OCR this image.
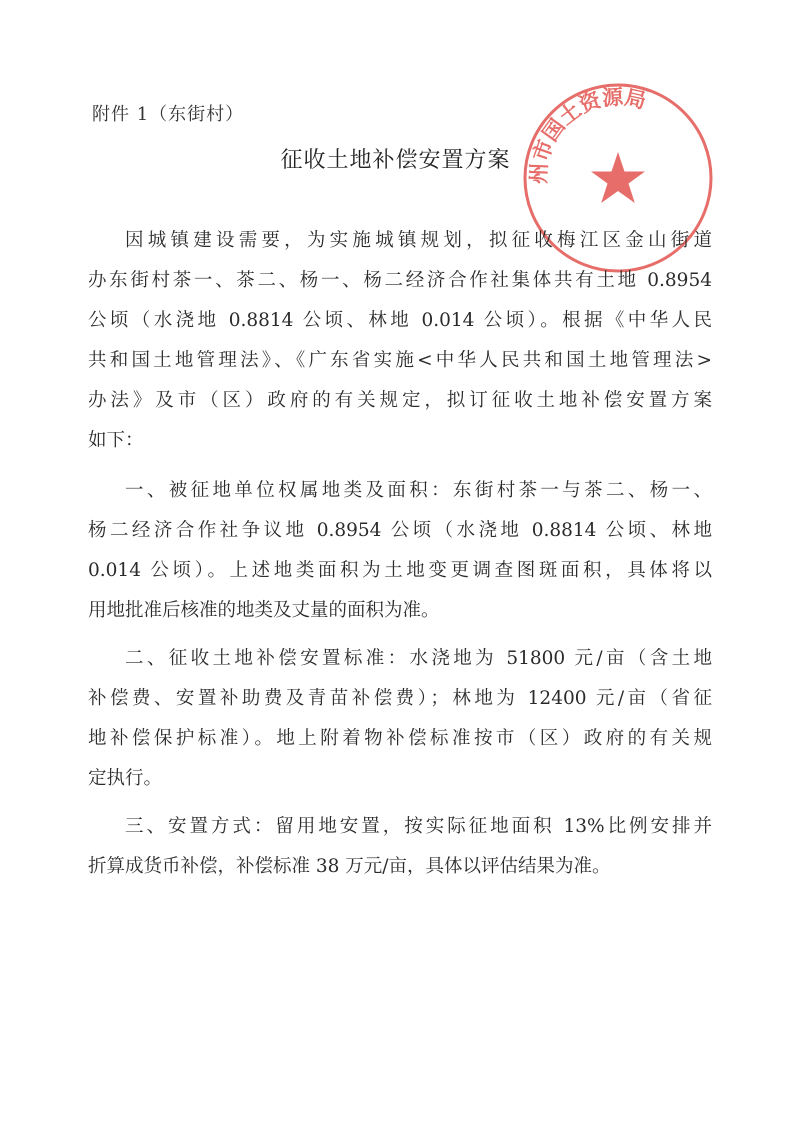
附件 1（东街村）
州市国土资源局
征收土地补偿安置方案
因城镇建设需要，为实施城镇规划，拟征收梅江区金山街道
办东街村茶一、茶二、杨一、杨二经济合作社集体共有土地 0.8954
公顷（水浇地 0.8814 公顷、林地 0.014 公顷）。根据《中华人民
共和国土地管理法》、《广东省实施<中华人民共和国土地管理法>
办法》及市（区）政府的有关规定，拟订征收土地补偿安置方案
如下：
一、被征地单位权属地类及面积：东街村茶一与茶二、杨一、
杨二经济合作社争议地 0.8954 公顷（水浇地 0.8814 公顷、林地
0.014 公顷）。上述地类面积为土地变更调查图斑面积，具体将以
用地批准后核准的地类及丈量的面积为准。
二、征收土地补偿安置标准：水浇地为 51800 元/亩（含土地
补偿费、安置补助费及青苗补偿费）；林地为 12400 元/亩（省征
地补偿保护标准）。地上附着物补偿标准按市（区）政府的有关规
定执行。
三、安置方式：留用地安置，按实际征地面积 13%比例安排并
折算成货币补偿，补偿标准 38 万元/亩，具体以评估结果为准。
